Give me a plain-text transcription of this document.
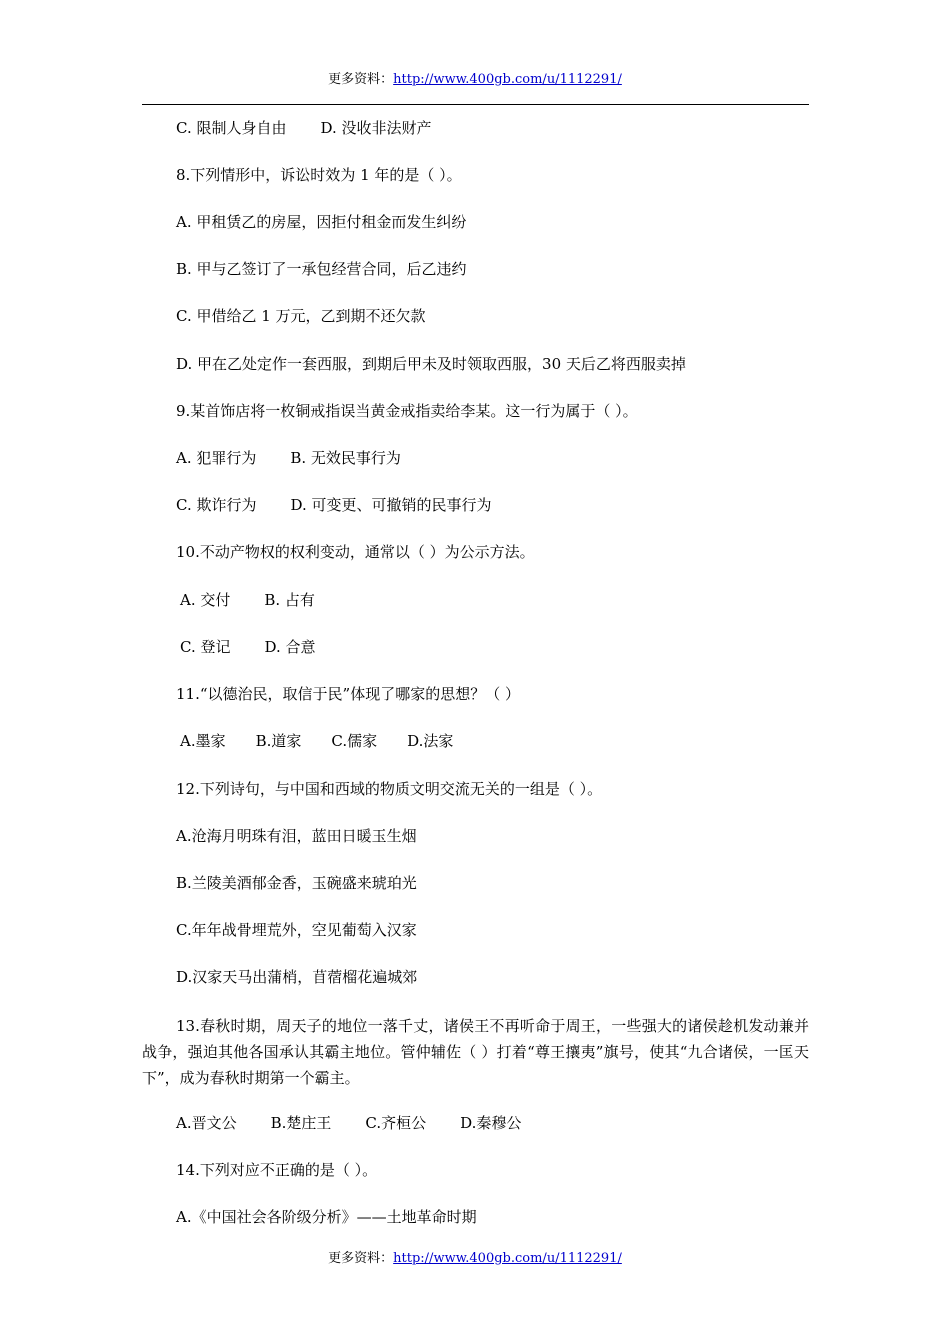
更多资料：http://www.400gb.com/u/1112291/
C. 限制人身自由 D. 没收非法财产
8.下列情形中，诉讼时效为 1 年的是（ ）。
A. 甲租赁乙的房屋，因拒付租金而发生纠纷
B. 甲与乙签订了一承包经营合同，后乙违约
C. 甲借给乙 1 万元，乙到期不还欠款
D. 甲在乙处定作一套西服，到期后甲未及时领取西服，30 天后乙将西服卖掉
9.某首饰店将一枚铜戒指误当黄金戒指卖给李某。这一行为属于（ ）。
A. 犯罪行为 B. 无效民事行为
C. 欺诈行为 D. 可变更、可撤销的民事行为
10.不动产物权的权利变动，通常以（ ）为公示方法。
A. 交付 B. 占有
C. 登记 D. 合意
11.“以德治民，取信于民”体现了哪家的思想？（ ）
A.墨家 B.道家 C.儒家 D.法家
12.下列诗句，与中国和西域的物质文明交流无关的一组是（ ）。
A.沧海月明珠有泪，蓝田日暖玉生烟
B.兰陵美酒郁金香，玉碗盛来琥珀光
C.年年战骨埋荒外，空见葡萄入汉家
D.汉家天马出蒲梢，苜蓿榴花遍城郊
13.春秋时期，周天子的地位一落千丈，诸侯王不再听命于周王，一些强大的诸侯趁机发动兼并战争，强迫其他各国承认其霸主地位。管仲辅佐（ ）打着“尊王攘夷”旗号，使其“九合诸侯，一匡天下”，成为春秋时期第一个霸主。
A.晋文公 B.楚庄王 C.齐桓公 D.秦穆公
14.下列对应不正确的是（ ）。
A.《中国社会各阶级分析》——土地革命时期
更多资料：http://www.400gb.com/u/1112291/
